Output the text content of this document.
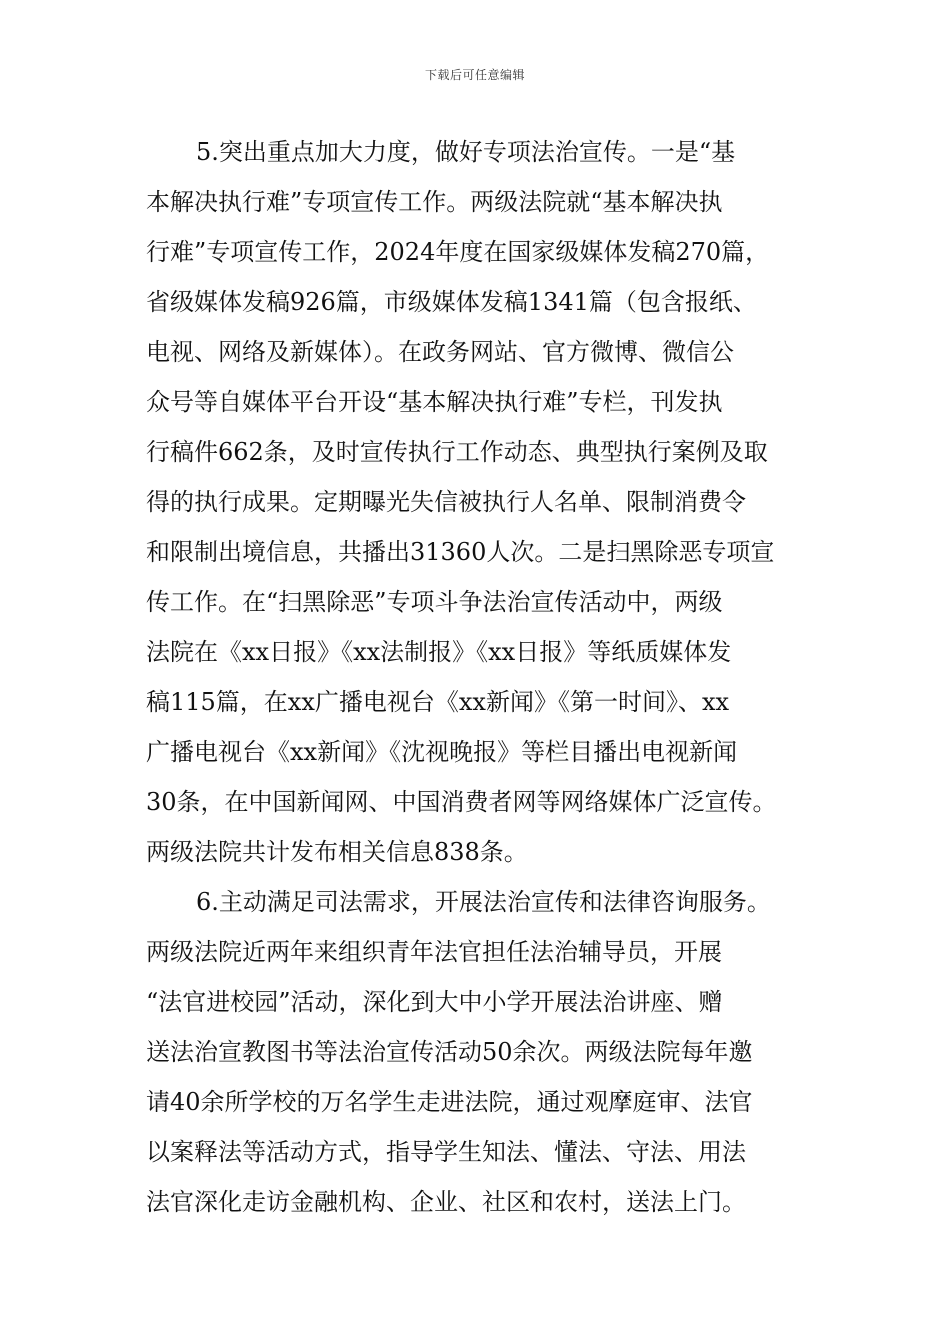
下载后可任意编辑
5.突出重点加大力度，做好专项法治宣传。一是“基
本解决执行难”专项宣传工作。两级法院就“基本解决执
行难”专项宣传工作，2024年度在国家级媒体发稿270篇，
省级媒体发稿926篇，市级媒体发稿1341篇（包含报纸、
电视、网络及新媒体）。在政务网站、官方微博、微信公
众号等自媒体平台开设“基本解决执行难”专栏，刊发执
行稿件662条，及时宣传执行工作动态、典型执行案例及取
得的执行成果。定期曝光失信被执行人名单、限制消费令
和限制出境信息，共播出31360人次。二是扫黑除恶专项宣
传工作。在“扫黑除恶”专项斗争法治宣传活动中，两级
法院在《xx日报》《xx法制报》《xx日报》等纸质媒体发
稿115篇，在xx广播电视台《xx新闻》《第一时间》、xx
广播电视台《xx新闻》《沈视晚报》等栏目播出电视新闻
30条，在中国新闻网、中国消费者网等网络媒体广泛宣传。
两级法院共计发布相关信息838条。
6.主动满足司法需求，开展法治宣传和法律咨询服务。
两级法院近两年来组织青年法官担任法治辅导员，开展
“法官进校园”活动，深化到大中小学开展法治讲座、赠
送法治宣教图书等法治宣传活动50余次。两级法院每年邀
请40余所学校的万名学生走进法院，通过观摩庭审、法官
以案释法等活动方式，指导学生知法、懂法、守法、用法
法官深化走访金融机构、企业、社区和农村，送法上门。
